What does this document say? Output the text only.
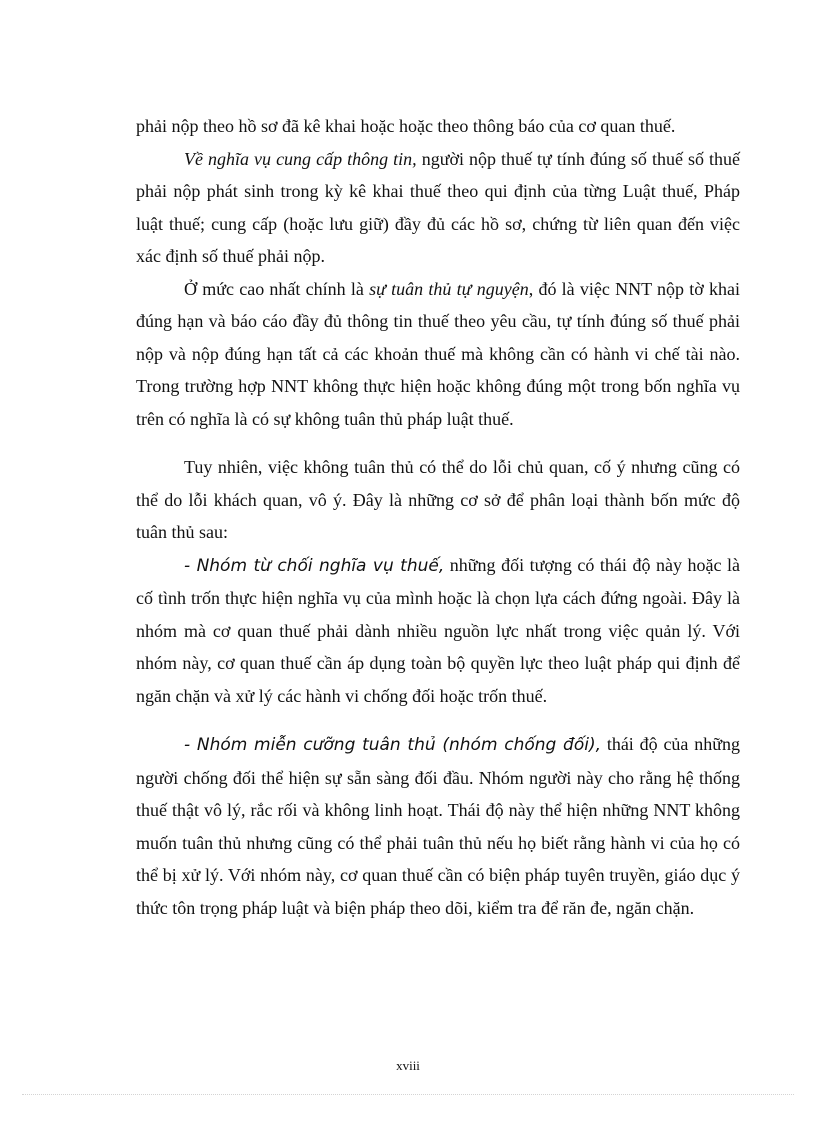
phải nộp theo hồ sơ đã kê khai hoặc hoặc theo thông báo của cơ quan thuế.

Về nghĩa vụ cung cấp thông tin, người nộp thuế tự tính đúng số thuế số thuế phải nộp phát sinh trong kỳ kê khai thuế theo qui định của từng Luật thuế, Pháp luật thuế; cung cấp (hoặc lưu giữ) đầy đủ các hồ sơ, chứng từ liên quan đến việc xác định số thuế phải nộp.

Ở mức cao nhất chính là sự tuân thủ tự nguyện, đó là việc NNT nộp tờ khai đúng hạn và báo cáo đầy đủ thông tin thuế theo yêu cầu, tự tính đúng số thuế phải nộp và nộp đúng hạn tất cả các khoản thuế mà không cần có hành vi chế tài nào. Trong trường hợp NNT không thực hiện hoặc không đúng một trong bốn nghĩa vụ trên có nghĩa là có sự không tuân thủ pháp luật thuế.

Tuy nhiên, việc không tuân thủ có thể do lỗi chủ quan, cố ý nhưng cũng có thể do lỗi khách quan, vô ý. Đây là những cơ sở để phân loại thành bốn mức độ tuân thủ sau:

- Nhóm từ chối nghĩa vụ thuế, những đối tượng có thái độ này hoặc là cố tình trốn thực hiện nghĩa vụ của mình hoặc là chọn lựa cách đứng ngoài. Đây là nhóm mà cơ quan thuế phải dành nhiều nguồn lực nhất trong việc quản lý. Với nhóm này, cơ quan thuế cần áp dụng toàn bộ quyền lực theo luật pháp qui định để ngăn chặn và xử lý các hành vi chống đối hoặc trốn thuế.

- Nhóm miễn cưỡng tuân thủ (nhóm chống đối), thái độ của những người chống đối thể hiện sự sẵn sàng đối đầu. Nhóm người này cho rằng hệ thống thuế thật vô lý, rắc rối và không linh hoạt. Thái độ này thể hiện những NNT không muốn tuân thủ nhưng cũng có thể phải tuân thủ nếu họ biết rằng hành vi của họ có thể bị xử lý. Với nhóm này, cơ quan thuế cần có biện pháp tuyên truyền, giáo dục ý thức tôn trọng pháp luật và biện pháp theo dõi, kiểm tra để răn đe, ngăn chặn.

xviii
